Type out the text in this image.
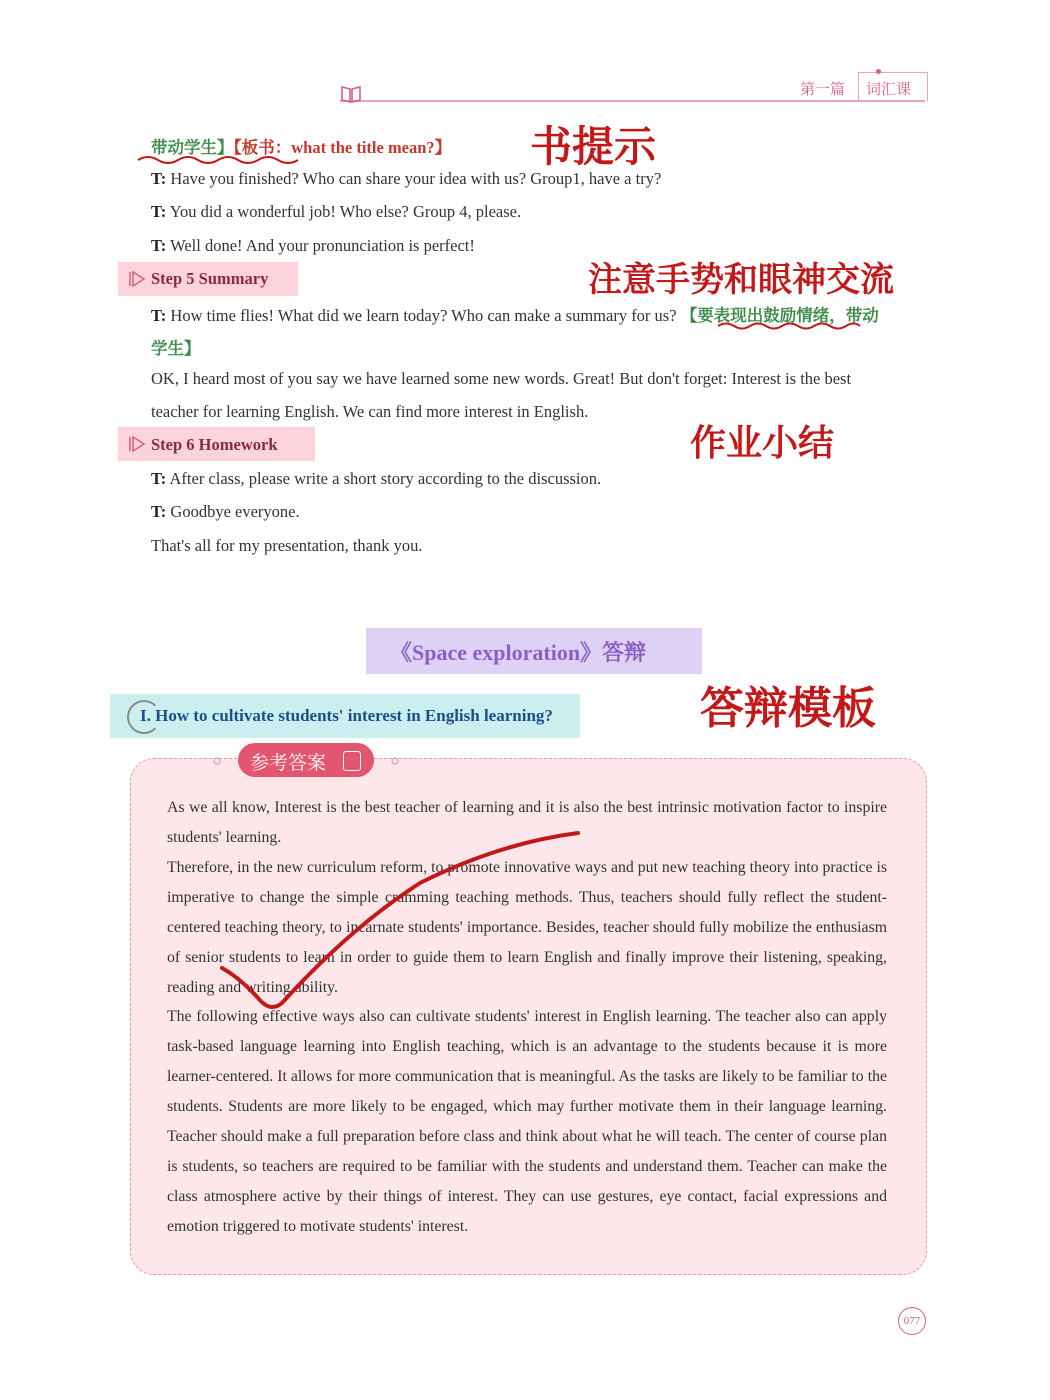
第一篇 词汇课
带动学生】【板书：what the title mean?】 书提示
T: Have you finished? Who can share your idea with us? Group1, have a try?
T: You did a wonderful job! Who else? Group 4, please.
T: Well done! And your pronunciation is perfect!
Step 5 Summary	注意手势和眼神交流
T: How time flies! What did we learn today? Who can make a summary for us? 【要表现出鼓励情绪，带动
学生】
OK, I heard most of you say we have learned some new words. Great! But don't forget: Interest is the best
teacher for learning English. We can find more interest in English.
Step 6 Homework	作业小结
T: After class, please write a short story according to the discussion.
T: Goodbye everyone.
That's all for my presentation, thank you.
《Space exploration》答辩
答辩模板
I. How to cultivate students' interest in English learning?
参考答案

As we all know, Interest is the best teacher of learning and it is also the best intrinsic motivation factor to inspire students' learning.

Therefore, in the new curriculum reform, to promote innovative ways and put new teaching theory into practice is imperative to change the simple cramming teaching methods. Thus, teachers should fully reflect the student-centered teaching theory, to incarnate students' importance. Besides, teacher should fully mobilize the enthusiasm of senior students to learn in order to guide them to learn English and finally improve their listening, speaking, reading and writing ability.

The following effective ways also can cultivate students' interest in English learning. The teacher also can apply task-based language learning into English teaching, which is an advantage to the students because it is more learner-centered. It allows for more communication that is meaningful. As the tasks are likely to be familiar to the students. Students are more likely to be engaged, which may further motivate them in their language learning. Teacher should make a full preparation before class and think about what he will teach. The center of course plan is students, so teachers are required to be familiar with the students and understand them. Teacher can make the class atmosphere active by their things of interest. They can use gestures, eye contact, facial expressions and emotion triggered to motivate students' interest.

077
